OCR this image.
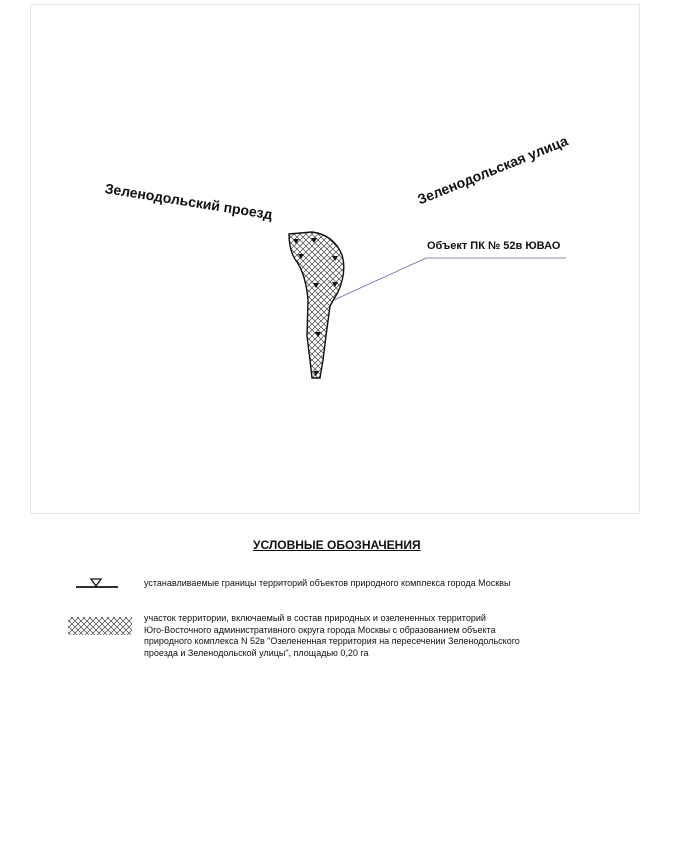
Зеленодольский проезд	Зеленодольская улица
Объект ПК № 52в ЮВАО
УСЛОВНЫЕ ОБОЗНАЧЕНИЯ
устанавливаемые границы территорий объектов природного комплекса города Москвы
участок территории, включаемый в состав природных и озелененных территорий
Юго-Восточного административного округа города Москвы с образованием объекта
природного комплекса N 52в "Озелененная территория на пересечении Зеленодольского
проезда и Зеленодольской улицы", площадью 0,20 га
